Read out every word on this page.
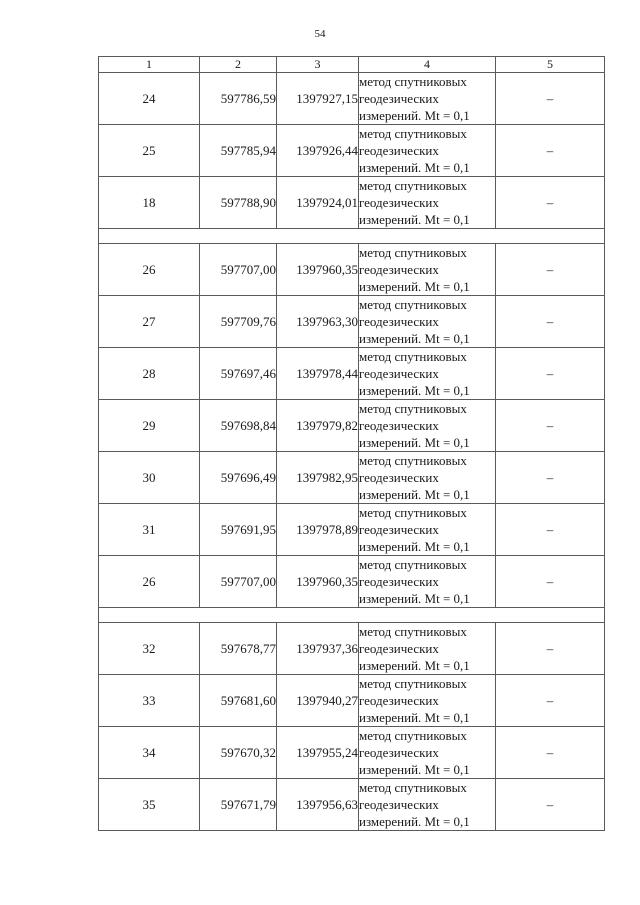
54
1	2	3	4	5
24	597786,59	1397927,15	метод спутниковых
геодезических
измерений. Mt = 0,1	–
25	597785,94	1397926,44	метод спутниковых
геодезических
измерений. Mt = 0,1	–
18	597788,90	1397924,01	метод спутниковых
геодезических
измерений. Mt = 0,1	–

26	597707,00	1397960,35	метод спутниковых
геодезических
измерений. Mt = 0,1	–
27	597709,76	1397963,30	метод спутниковых
геодезических
измерений. Mt = 0,1	–
28	597697,46	1397978,44	метод спутниковых
геодезических
измерений. Mt = 0,1	–
29	597698,84	1397979,82	метод спутниковых
геодезических
измерений. Mt = 0,1	–
30	597696,49	1397982,95	метод спутниковых
геодезических
измерений. Mt = 0,1	–
31	597691,95	1397978,89	метод спутниковых
геодезических
измерений. Mt = 0,1	–
26	597707,00	1397960,35	метод спутниковых
геодезических
измерений. Mt = 0,1	–

32	597678,77	1397937,36	метод спутниковых
геодезических
измерений. Mt = 0,1	–
33	597681,60	1397940,27	метод спутниковых
геодезических
измерений. Mt = 0,1	–
34	597670,32	1397955,24	метод спутниковых
геодезических
измерений. Mt = 0,1	–
35	597671,79	1397956,63	метод спутниковых
геодезических
измерений. Mt = 0,1	–
